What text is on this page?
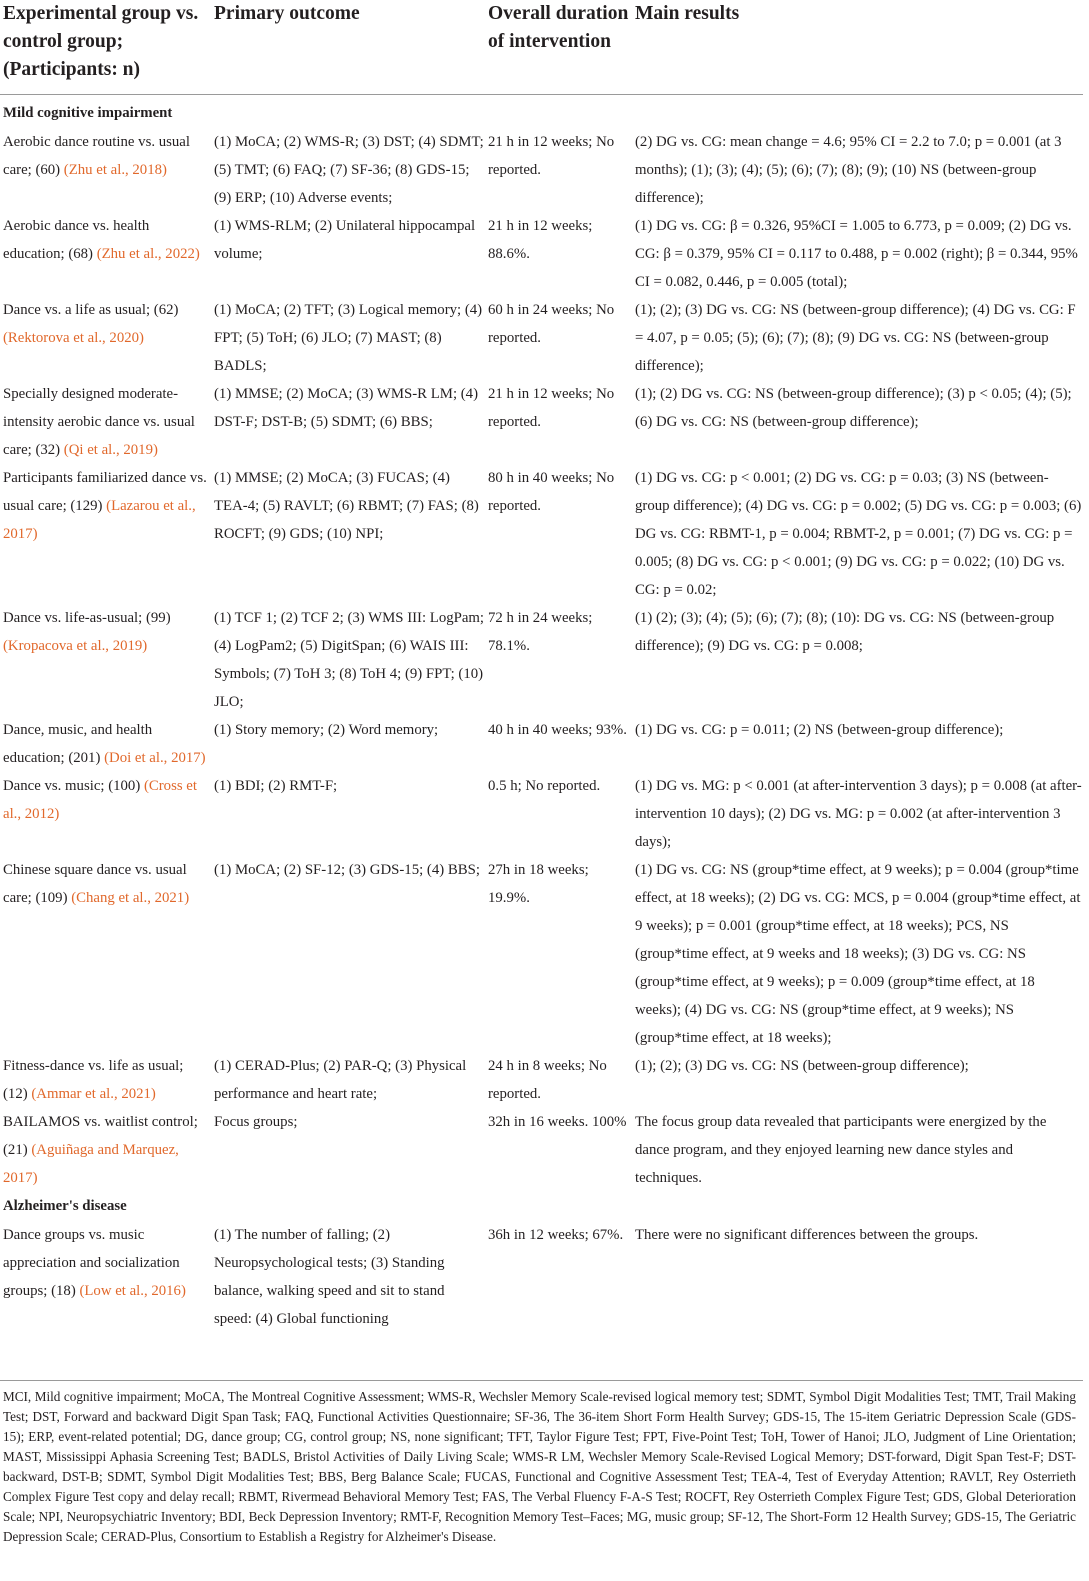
Experimental group vs. control group; (Participants: n)	Primary outcome	Overall duration of intervention	Main results
Mild cognitive impairment			
Aerobic dance routine vs. usual care; (60) (Zhu et al., 2018)	(1) MoCA; (2) WMS-R; (3) DST; (4) SDMT; (5) TMT; (6) FAQ; (7) SF-36; (8) GDS-15; (9) ERP; (10) Adverse events;	21 h in 12 weeks; No reported.	(2) DG vs. CG: mean change = 4.6; 95% CI = 2.2 to 7.0; p = 0.001 (at 3 months); (1); (3); (4); (5); (6); (7); (8); (9); (10) NS (between-group difference);
Aerobic dance vs. health education; (68) (Zhu et al., 2022)	(1) WMS-RLM; (2) Unilateral hippocampal volume;	21 h in 12 weeks; 88.6%.	(1) DG vs. CG: β = 0.326, 95%CI = 1.005 to 6.773, p = 0.009; (2) DG vs. CG: β = 0.379, 95% CI = 0.117 to 0.488, p = 0.002 (right); β = 0.344, 95% CI = 0.082, 0.446, p = 0.005 (total);
Dance vs. a life as usual; (62) (Rektorova et al., 2020)	(1) MoCA; (2) TFT; (3) Logical memory; (4) FPT; (5) ToH; (6) JLO; (7) MAST; (8) BADLS;	60 h in 24 weeks; No reported.	(1); (2); (3) DG vs. CG: NS (between-group difference); (4) DG vs. CG: F = 4.07, p = 0.05; (5); (6); (7); (8); (9) DG vs. CG: NS (between-group difference);
Specially designed moderate-intensity aerobic dance vs. usual care; (32) (Qi et al., 2019)	(1) MMSE; (2) MoCA; (3) WMS-R LM; (4) DST-F; DST-B; (5) SDMT; (6) BBS;	21 h in 12 weeks; No reported.	(1); (2) DG vs. CG: NS (between-group difference); (3) p < 0.05; (4); (5); (6) DG vs. CG: NS (between-group difference);
Participants familiarized dance vs. usual care; (129) (Lazarou et al., 2017)	(1) MMSE; (2) MoCA; (3) FUCAS; (4) TEA-4; (5) RAVLT; (6) RBMT; (7) FAS; (8) ROCFT; (9) GDS; (10) NPI;	80 h in 40 weeks; No reported.	(1) DG vs. CG: p < 0.001; (2) DG vs. CG: p = 0.03; (3) NS (between-group difference); (4) DG vs. CG: p = 0.002; (5) DG vs. CG: p = 0.003; (6) DG vs. CG: RBMT-1, p = 0.004; RBMT-2, p = 0.001; (7) DG vs. CG: p = 0.005; (8) DG vs. CG: p < 0.001; (9) DG vs. CG: p = 0.022; (10) DG vs. CG: p = 0.02;
Dance vs. life-as-usual; (99) (Kropacova et al., 2019)	(1) TCF 1; (2) TCF 2; (3) WMS III: LogPam; (4) LogPam2; (5) DigitSpan; (6) WAIS III: Symbols; (7) ToH 3; (8) ToH 4; (9) FPT; (10) JLO;	72 h in 24 weeks; 78.1%.	(1) (2); (3); (4); (5); (6); (7); (8); (10): DG vs. CG: NS (between-group difference); (9) DG vs. CG: p = 0.008;
Dance, music, and health education; (201) (Doi et al., 2017)	(1) Story memory; (2) Word memory;	40 h in 40 weeks; 93%.	(1) DG vs. CG: p = 0.011; (2) NS (between-group difference);
Dance vs. music; (100) (Cross et al., 2012)	(1) BDI; (2) RMT-F;	0.5 h; No reported.	(1) DG vs. MG: p < 0.001 (at after-intervention 3 days); p = 0.008 (at after-intervention 10 days); (2) DG vs. MG: p = 0.002 (at after-intervention 3 days);
Chinese square dance vs. usual care; (109) (Chang et al., 2021)	(1) MoCA; (2) SF-12; (3) GDS-15; (4) BBS;	27h in 18 weeks; 19.9%.	(1) DG vs. CG: NS (group*time effect, at 9 weeks); p = 0.004 (group*time effect, at 18 weeks); (2) DG vs. CG: MCS, p = 0.004 (group*time effect, at 9 weeks); p = 0.001 (group*time effect, at 18 weeks); PCS, NS (group*time effect, at 9 weeks and 18 weeks); (3) DG vs. CG: NS (group*time effect, at 9 weeks); p = 0.009 (group*time effect, at 18 weeks); (4) DG vs. CG: NS (group*time effect, at 9 weeks); NS (group*time effect, at 18 weeks);
Fitness-dance vs. life as usual; (12) (Ammar et al., 2021)	(1) CERAD-Plus; (2) PAR-Q; (3) Physical performance and heart rate;	24 h in 8 weeks; No reported.	(1); (2); (3) DG vs. CG: NS (between-group difference);
BAILAMOS vs. waitlist control; (21) (Aguiñaga and Marquez, 2017)	Focus groups;	32h in 16 weeks. 100%	The focus group data revealed that participants were energized by the dance program, and they enjoyed learning new dance styles and techniques.
Alzheimer's disease			
Dance groups vs. music appreciation and socialization groups; (18) (Low et al., 2016)	(1) The number of falling; (2) Neuropsychological tests; (3) Standing balance, walking speed and sit to stand speed: (4) Global functioning	36h in 12 weeks; 67%.	There were no significant differences between the groups.
MCI, Mild cognitive impairment; MoCA, The Montreal Cognitive Assessment; WMS-R, Wechsler Memory Scale-revised logical memory test; SDMT, Symbol Digit Modalities Test; TMT, Trail Making Test; DST, Forward and backward Digit Span Task; FAQ, Functional Activities Questionnaire; SF-36, The 36-item Short Form Health Survey; GDS-15, The 15-item Geriatric Depression Scale (GDS-15); ERP, event-related potential; DG, dance group; CG, control group; NS, none significant; TFT, Taylor Figure Test; FPT, Five-Point Test; ToH, Tower of Hanoi; JLO, Judgment of Line Orientation; MAST, Mississippi Aphasia Screening Test; BADLS, Bristol Activities of Daily Living Scale; WMS-R LM, Wechsler Memory Scale-Revised Logical Memory; DST-forward, Digit Span Test-F; DST-backward, DST-B; SDMT, Symbol Digit Modalities Test; BBS, Berg Balance Scale; FUCAS, Functional and Cognitive Assessment Test; TEA-4, Test of Everyday Attention; RAVLT, Rey Osterrieth Complex Figure Test copy and delay recall; RBMT, Rivermead Behavioral Memory Test; FAS, The Verbal Fluency F-A-S Test; ROCFT, Rey Osterrieth Complex Figure Test; GDS, Global Deterioration Scale; NPI, Neuropsychiatric Inventory; BDI, Beck Depression Inventory; RMT-F, Recognition Memory Test–Faces; MG, music group; SF-12, The Short-Form 12 Health Survey; GDS-15, The Geriatric Depression Scale; CERAD-Plus, Consortium to Establish a Registry for Alzheimer's Disease.
